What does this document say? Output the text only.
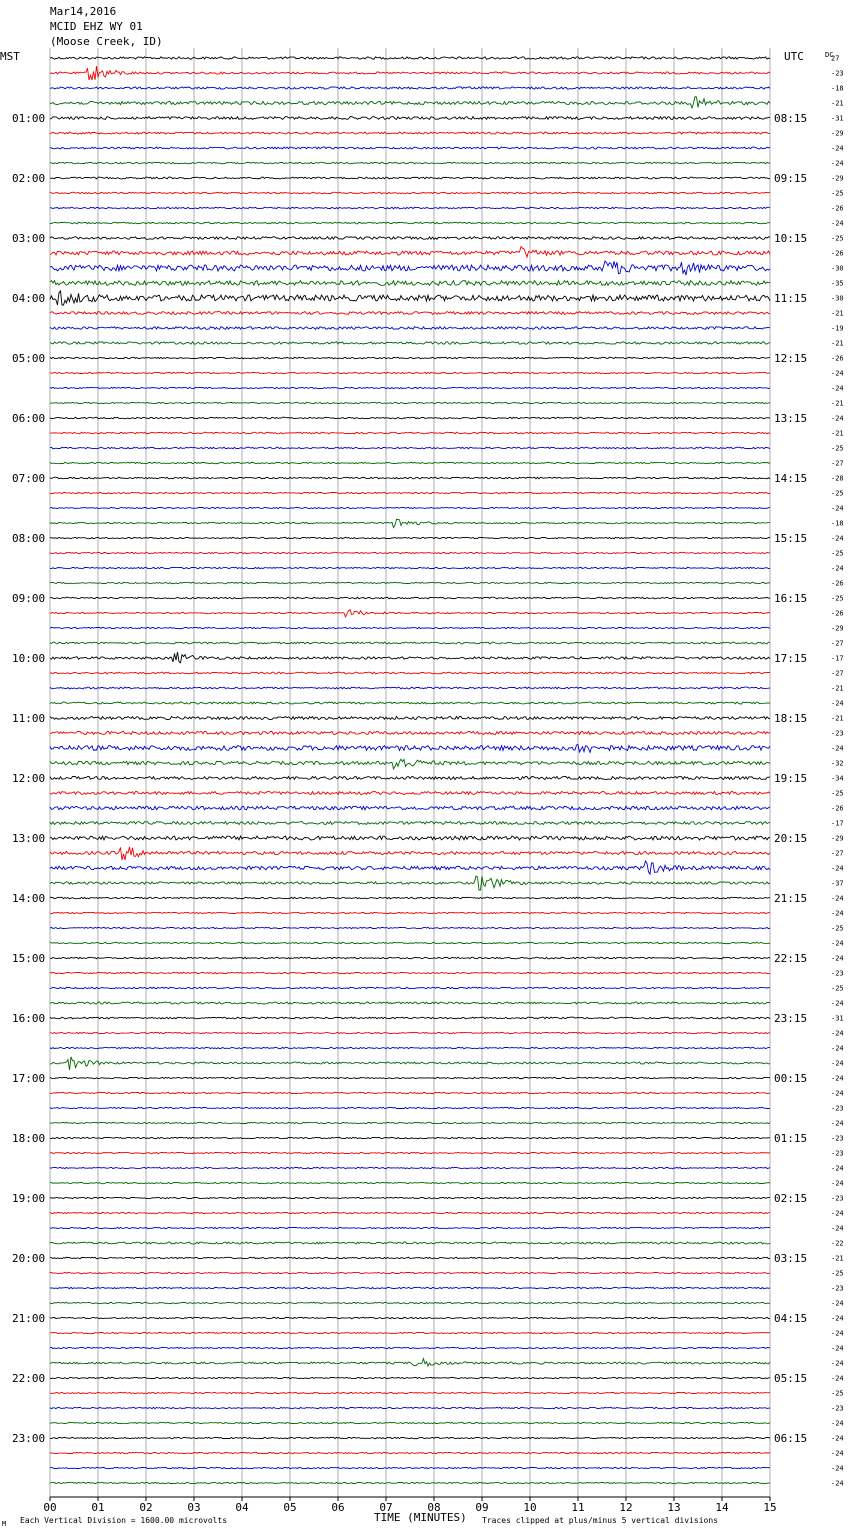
Mar14,2016
MCID EHZ WY 01
(Moose Creek, ID)
MST	UTC	DC
01:00
02:00
03:00
04:00
05:00
06:00
07:00
08:00
09:00
10:00
11:00
12:00
13:00
14:00
15:00
16:00
17:00
18:00
19:00
20:00
21:00
22:00
23:00
08:15
09:15
10:15
11:15
12:15
13:15
14:15
15:15
16:15
17:15
18:15
19:15
20:15
21:15
22:15
23:15
00:15
01:15
02:15
03:15
04:15
05:15
06:15
27
-23
-18
-21
-31
-29
-24
-24
-29
-25
-26
-24
-25
-26
-30
-35
-30
-21
-19
-21
-26
-24
-24
-21
-24
-21
-25
-27
-28
-25
-24
-18
-24
-25
-24
-26
-25
-26
-29
-27
-17
-27
-21
-24
-21
-23
-24
-32
-34
-25
-26
-17
-29
-27
-24
-37
-24
-24
-25
-24
-24
-23
-25
-24
-31
-24
-24
-24
-24
-24
-23
-24
-23
-23
-24
-24
-23
-24
-24
-22
-21
-25
-23
-24
-24
-24
-24
-24
-24
-25
-23
-24
-24
-24
-24
-24
00	01	02	03	04	05	06	07	08	09	10	11	12	13	14	15
TIME (MINUTES)
Each Vertical Division = 1600.00 microvolts	Traces clipped at plus/minus 5 vertical divisions
M
